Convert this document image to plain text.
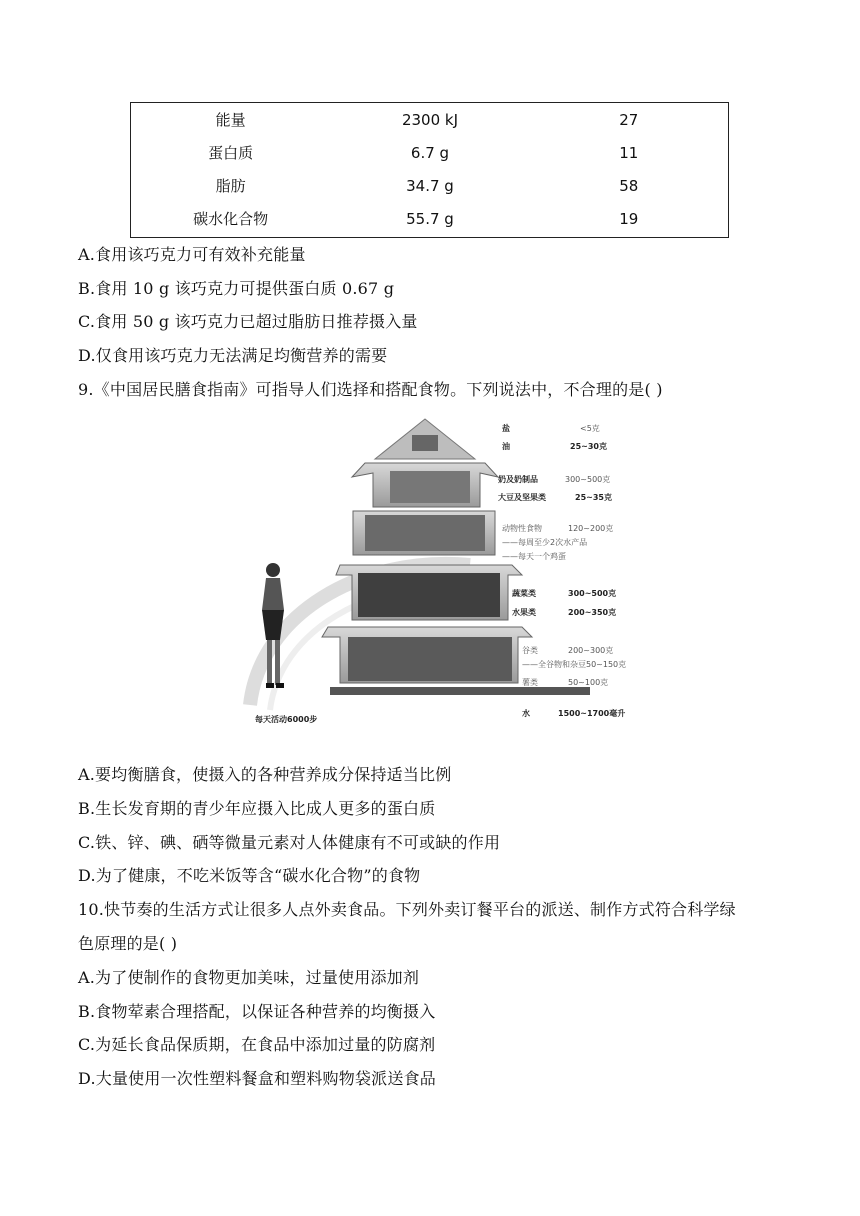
能量	2300 kJ	27
蛋白质	6.7 g	11
脂肪	34.7 g	58
碳水化合物	55.7 g	19
A.食用该巧克力可有效补充能量
B.食用 10 g 该巧克力可提供蛋白质 0.67 g
C.食用 50 g 该巧克力已超过脂肪日推荐摄入量
D.仅食用该巧克力无法满足均衡营养的需要
9.《中国居民膳食指南》可指导人们选择和搭配食物。下列说法中，不合理的是( )
盐	<5克
油	25~30克
奶及奶制品	300~500克
大豆及坚果类	25~35克
动物性食物	120~200克
——每周至少2次水产品
——每天一个鸡蛋
蔬菜类	300~500克
水果类	200~350克
谷类	200~300克
——全谷物和杂豆50~150克
薯类	50~100克
水	1500~1700毫升
每天活动6000步
A.要均衡膳食，使摄入的各种营养成分保持适当比例
B.生长发育期的青少年应摄入比成人更多的蛋白质
C.铁、锌、碘、硒等微量元素对人体健康有不可或缺的作用
D.为了健康，不吃米饭等含“碳水化合物”的食物
10.快节奏的生活方式让很多人点外卖食品。下列外卖订餐平台的派送、制作方式符合科学绿
色原理的是( )
A.为了使制作的食物更加美味，过量使用添加剂
B.食物荤素合理搭配，以保证各种营养的均衡摄入
C.为延长食品保质期，在食品中添加过量的防腐剂
D.大量使用一次性塑料餐盒和塑料购物袋派送食品
